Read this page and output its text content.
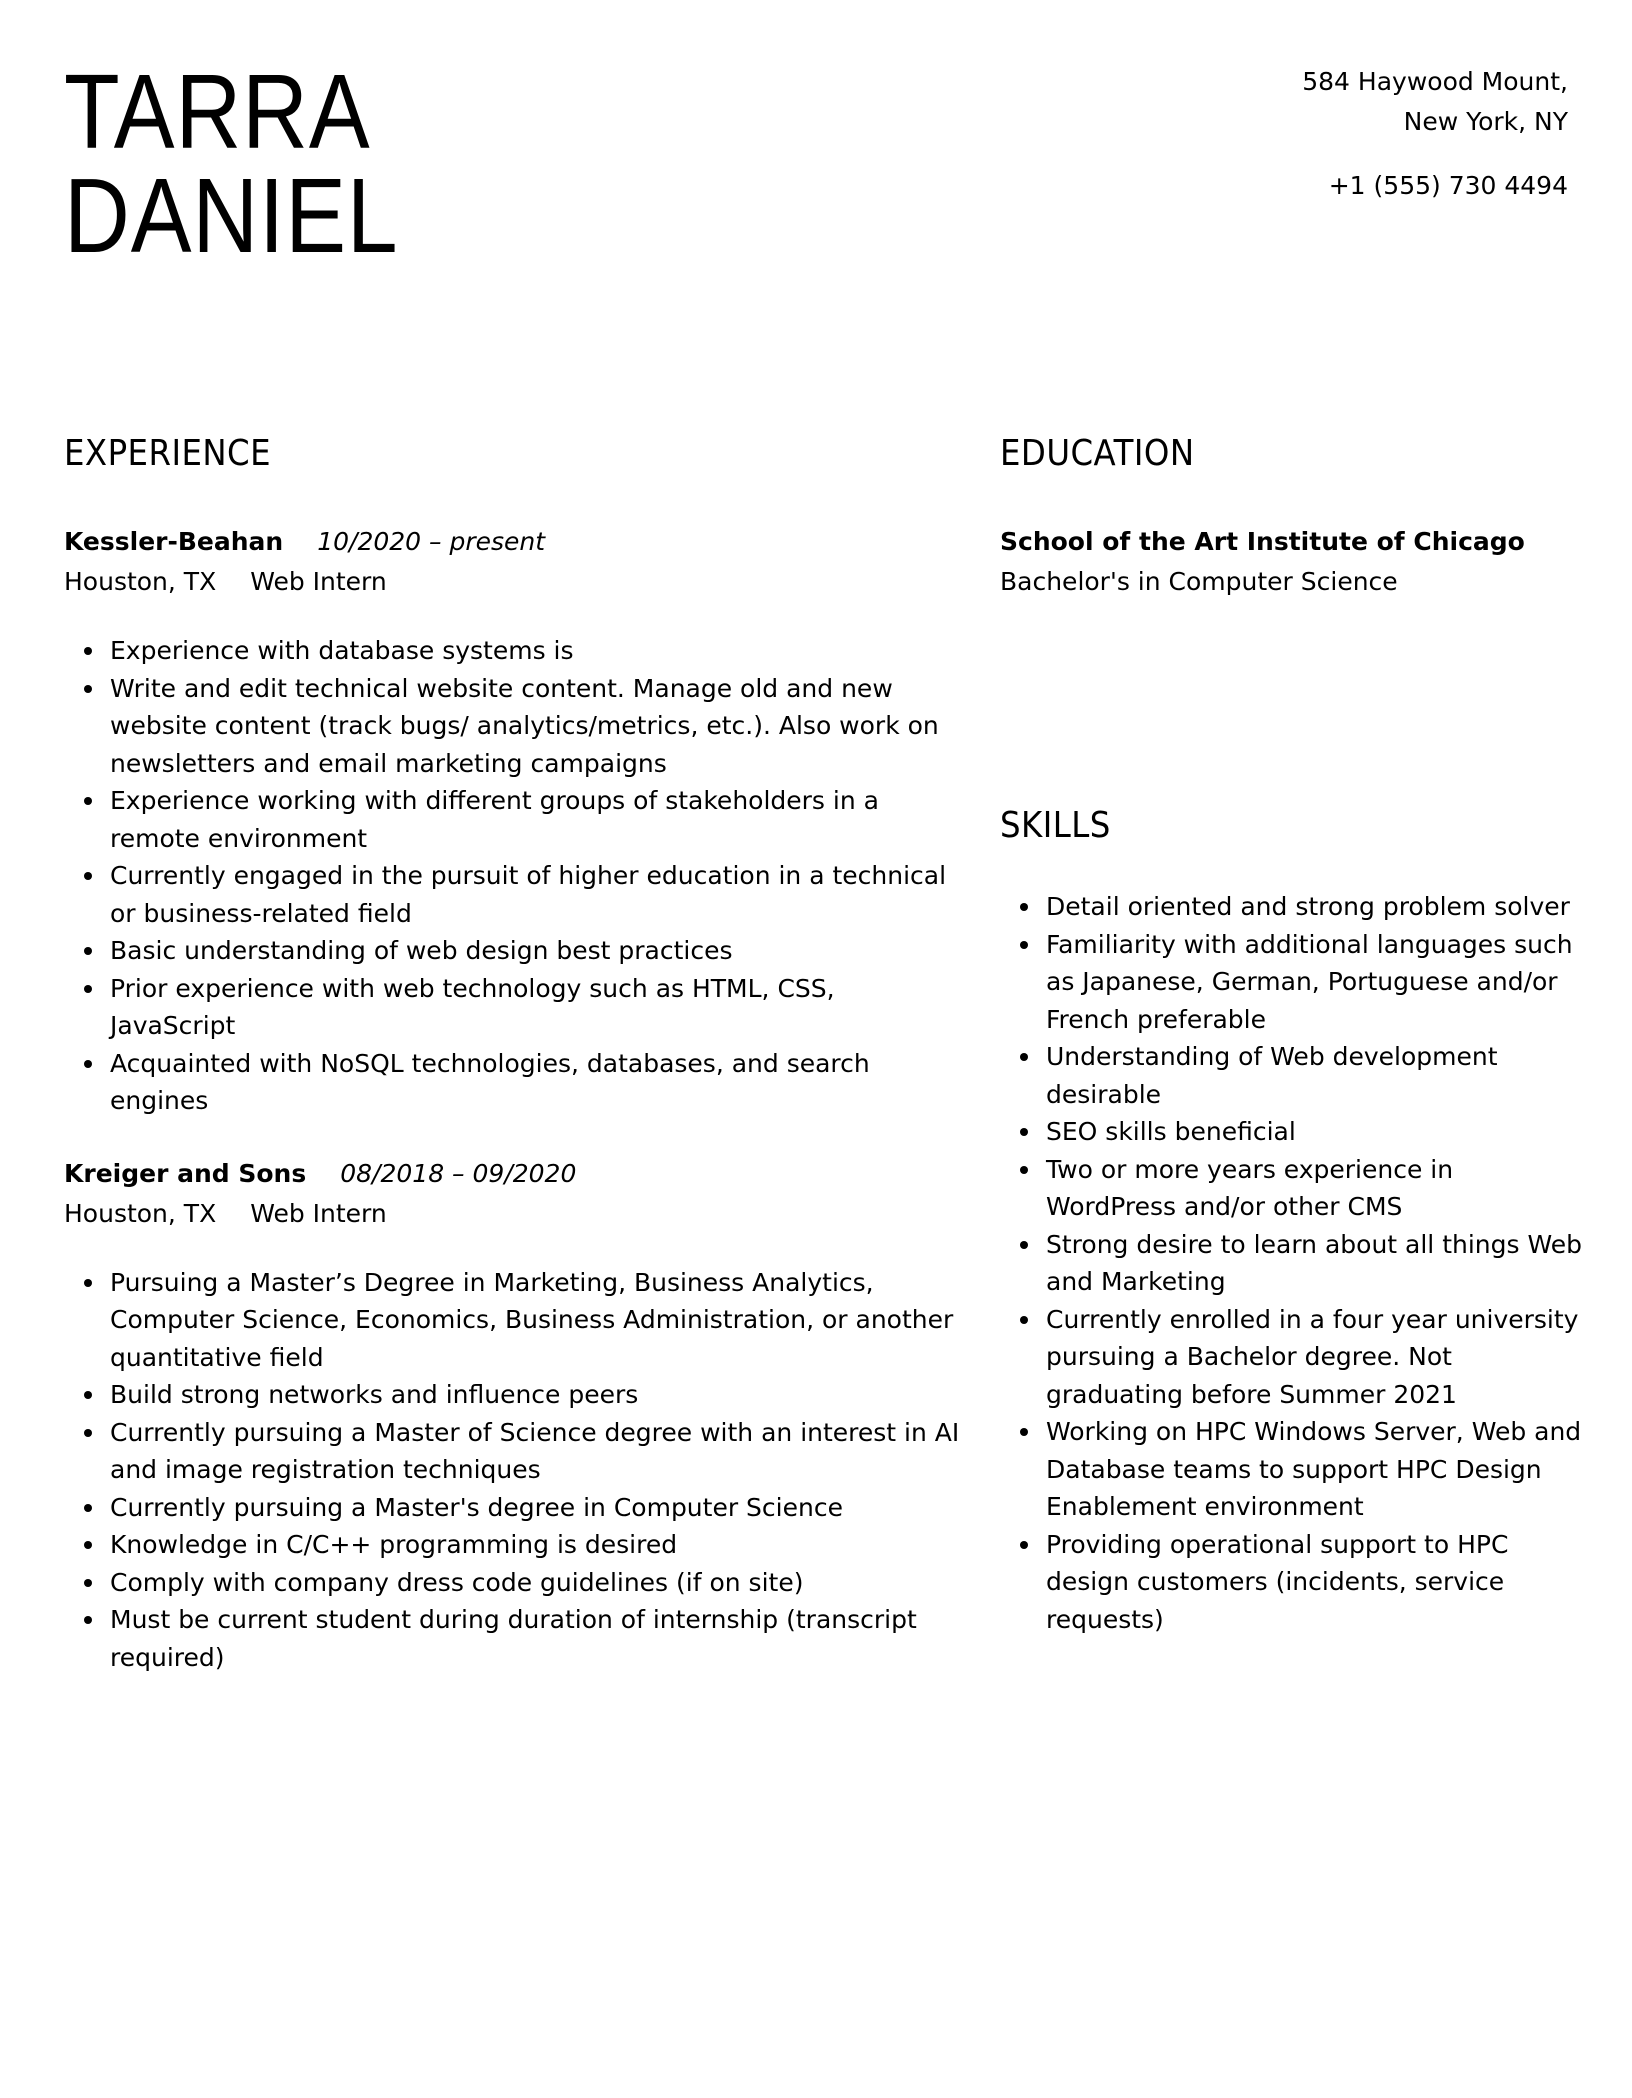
TARRA
DANIEL
584 Haywood Mount,
New York, NY
+1 (555) 730 4494
EXPERIENCE
Kessler-Beahan 10/2020 – present
Houston, TX Web Intern
Experience with database systems is
Write and edit technical website content. Manage old and new website content (track bugs/ analytics/metrics, etc.). Also work on newsletters and email marketing campaigns
Experience working with different groups of stakeholders in a remote environment
Currently engaged in the pursuit of higher education in a technical or business-related field
Basic understanding of web design best practices
Prior experience with web technology such as HTML, CSS, JavaScript
Acquainted with NoSQL technologies, databases, and search engines
Kreiger and Sons 08/2018 – 09/2020
Houston, TX Web Intern
Pursuing a Master’s Degree in Marketing, Business Analytics, Computer Science, Economics, Business Administration, or another quantitative field
Build strong networks and influence peers
Currently pursuing a Master of Science degree with an interest in AI and image registration techniques
Currently pursuing a Master's degree in Computer Science
Knowledge in C/C++ programming is desired
Comply with company dress code guidelines (if on site)
Must be current student during duration of internship (transcript required)
EDUCATION
School of the Art Institute of Chicago
Bachelor's in Computer Science
SKILLS
Detail oriented and strong problem solver
Familiarity with additional languages such as Japanese, German, Portuguese and/or French preferable
Understanding of Web development desirable
SEO skills beneficial
Two or more years experience in WordPress and/or other CMS
Strong desire to learn about all things Web and Marketing
Currently enrolled in a four year university pursuing a Bachelor degree. Not graduating before Summer 2021
Working on HPC Windows Server, Web and Database teams to support HPC Design Enablement environment
Providing operational support to HPC design customers (incidents, service requests)
